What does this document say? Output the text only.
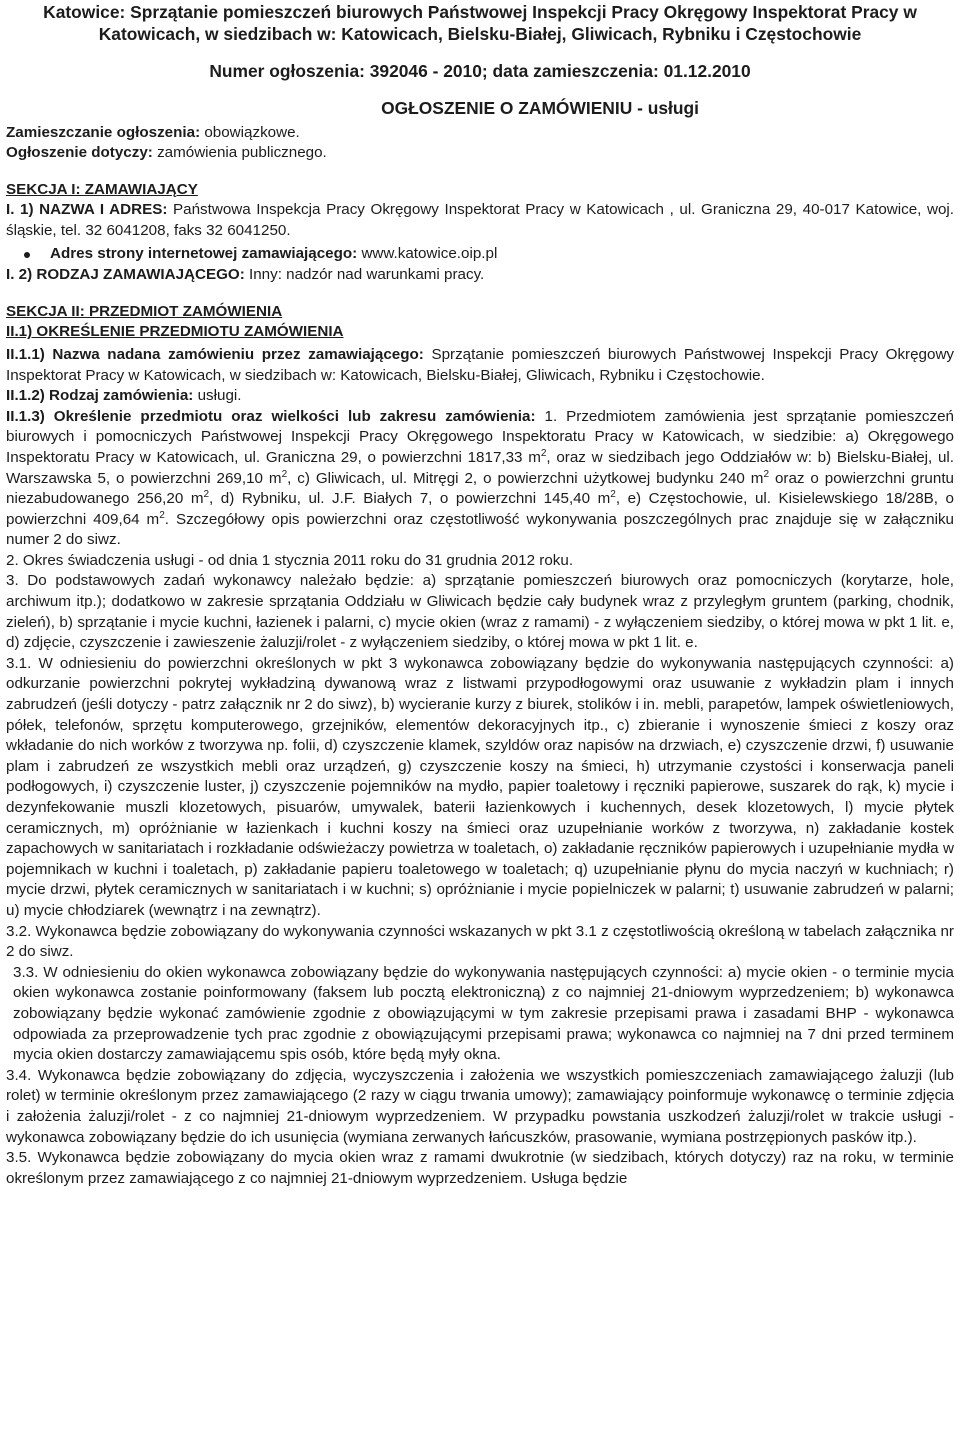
Katowice: Sprzątanie pomieszczeń biurowych Państwowej Inspekcji Pracy Okręgowy Inspektorat Pracy w Katowicach, w siedzibach w: Katowicach, Bielsku-Białej, Gliwicach, Rybniku i Częstochowie

Numer ogłoszenia: 392046 - 2010; data zamieszczenia: 01.12.2010

OGŁOSZENIE O ZAMÓWIENIU - usługi

Zamieszczanie ogłoszenia: obowiązkowe.

Ogłoszenie dotyczy: zamówienia publicznego.

SEKCJA I: ZAMAWIAJĄCY

I. 1) NAZWA I ADRES: Państwowa Inspekcja Pracy Okręgowy Inspektorat Pracy w Katowicach , ul. Graniczna 29, 40-017 Katowice, woj. śląskie, tel. 32 6041208, faks 32 6041250.

Adres strony internetowej zamawiającego: www.katowice.oip.pl

I. 2) RODZAJ ZAMAWIAJĄCEGO: Inny: nadzór nad warunkami pracy.

SEKCJA II: PRZEDMIOT ZAMÓWIENIA

II.1) OKREŚLENIE PRZEDMIOTU ZAMÓWIENIA

II.1.1) Nazwa nadana zamówieniu przez zamawiającego: Sprzątanie pomieszczeń biurowych Państwowej Inspekcji Pracy Okręgowy Inspektorat Pracy w Katowicach, w siedzibach w: Katowicach, Bielsku-Białej, Gliwicach, Rybniku i Częstochowie.

II.1.2) Rodzaj zamówienia: usługi.

II.1.3) Określenie przedmiotu oraz wielkości lub zakresu zamówienia: 1. Przedmiotem zamówienia jest sprzątanie pomieszczeń biurowych i pomocniczych Państwowej Inspekcji Pracy Okręgowego Inspektoratu Pracy w Katowicach, w siedzibie: a) Okręgowego Inspektoratu Pracy w Katowicach, ul. Graniczna 29, o powierzchni 1817,33 $m^2$, oraz w siedzibach jego Oddziałów w: b) Bielsku-Białej, ul. Warszawska 5, o powierzchni 269,10 $m^2$, c) Gliwicach, ul. Mitręgi 2, o powierzchni użytkowej budynku 240 $m^2$ oraz o powierzchni gruntu niezabudowanego 256,20 $m^2$, d) Rybniku, ul. J.F. Białych 7, o powierzchni 145,40 $m^2$, e) Częstochowie, ul. Kisielewskiego 18/28B, o powierzchni 409,64 $m^2$. Szczegółowy opis powierzchni oraz częstotliwość wykonywania poszczególnych prac znajduje się w załączniku numer 2 do siwz.

2. Okres świadczenia usługi - od dnia 1 stycznia 2011 roku do 31 grudnia 2012 roku.

3. Do podstawowych zadań wykonawcy należało będzie: a) sprzątanie pomieszczeń biurowych oraz pomocniczych (korytarze, hole, archiwum itp.); dodatkowo w zakresie sprzątania Oddziału w Gliwicach będzie cały budynek wraz z przyległym gruntem (parking, chodnik, zieleń), b) sprzątanie i mycie kuchni, łazienek i palarni, c) mycie okien (wraz z ramami) - z wyłączeniem siedziby, o której mowa w pkt 1 lit. e, d) zdjęcie, czyszczenie i zawieszenie żaluzji/rolet - z wyłączeniem siedziby, o której mowa w pkt 1 lit. e.

3.1. W odniesieniu do powierzchni określonych w pkt 3 wykonawca zobowiązany będzie do wykonywania następujących czynności: a) odkurzanie powierzchni pokrytej wykładziną dywanową wraz z listwami przypodłogowymi oraz usuwanie z wykładzin plam i innych zabrudzeń (jeśli dotyczy - patrz załącznik nr 2 do siwz), b) wycieranie kurzy z biurek, stolików i in. mebli, parapetów, lampek oświetleniowych, półek, telefonów, sprzętu komputerowego, grzejników, elementów dekoracyjnych itp., c) zbieranie i wynoszenie śmieci z koszy oraz wkładanie do nich worków z tworzywa np. folii, d) czyszczenie klamek, szyldów oraz napisów na drzwiach, e) czyszczenie drzwi, f) usuwanie plam i zabrudzeń ze wszystkich mebli oraz urządzeń, g) czyszczenie koszy na śmieci, h) utrzymanie czystości i konserwacja paneli podłogowych, i) czyszczenie luster, j) czyszczenie pojemników na mydło, papier toaletowy i ręczniki papierowe, suszarek do rąk, k) mycie i dezynfekowanie muszli klozetowych, pisuarów, umywalek, baterii łazienkowych i kuchennych, desek klozetowych, l) mycie płytek ceramicznych, m) opróżnianie w łazienkach i kuchni koszy na śmieci oraz uzupełnianie worków z tworzywa, n) zakładanie kostek zapachowych w sanitariatach i rozkładanie odświeżaczy powietrza w toaletach, o) zakładanie ręczników papierowych i uzupełnianie mydła w pojemnikach w kuchni i toaletach, p) zakładanie papieru toaletowego w toaletach; q) uzupełnianie płynu do mycia naczyń w kuchniach; r) mycie drzwi, płytek ceramicznych w sanitariatach i w kuchni; s) opróżnianie i mycie popielniczek w palarni; t) usuwanie zabrudzeń w palarni; u) mycie chłodziarek (wewnątrz i na zewnątrz).

3.2. Wykonawca będzie zobowiązany do wykonywania czynności wskazanych w pkt 3.1 z częstotliwością określoną w tabelach załącznika nr 2 do siwz.

3.3. W odniesieniu do okien wykonawca zobowiązany będzie do wykonywania następujących czynności: a) mycie okien - o terminie mycia okien wykonawca zostanie poinformowany (faksem lub pocztą elektroniczną) z co najmniej 21-dniowym wyprzedzeniem; b) wykonawca zobowiązany będzie wykonać zamówienie zgodnie z obowiązującymi w tym zakresie przepisami prawa i zasadami BHP - wykonawca odpowiada za przeprowadzenie tych prac zgodnie z obowiązującymi przepisami prawa; wykonawca co najmniej na 7 dni przed terminem mycia okien dostarczy zamawiającemu spis osób, które będą myły okna.

3.4. Wykonawca będzie zobowiązany do zdjęcia, wyczyszczenia i założenia we wszystkich pomieszczeniach zamawiającego żaluzji (lub rolet) w terminie określonym przez zamawiającego (2 razy w ciągu trwania umowy); zamawiający poinformuje wykonawcę o terminie zdjęcia i założenia żaluzji/rolet - z co najmniej 21-dniowym wyprzedzeniem. W przypadku powstania uszkodzeń żaluzji/rolet w trakcie usługi - wykonawca zobowiązany będzie do ich usunięcia (wymiana zerwanych łańcuszków, prasowanie, wymiana postrzępionych pasków itp.).

3.5. Wykonawca będzie zobowiązany do mycia okien wraz z ramami dwukrotnie (w siedzibach, których dotyczy) raz na roku, w terminie określonym przez zamawiającego z co najmniej 21-dniowym wyprzedzeniem. Usługa będzie
